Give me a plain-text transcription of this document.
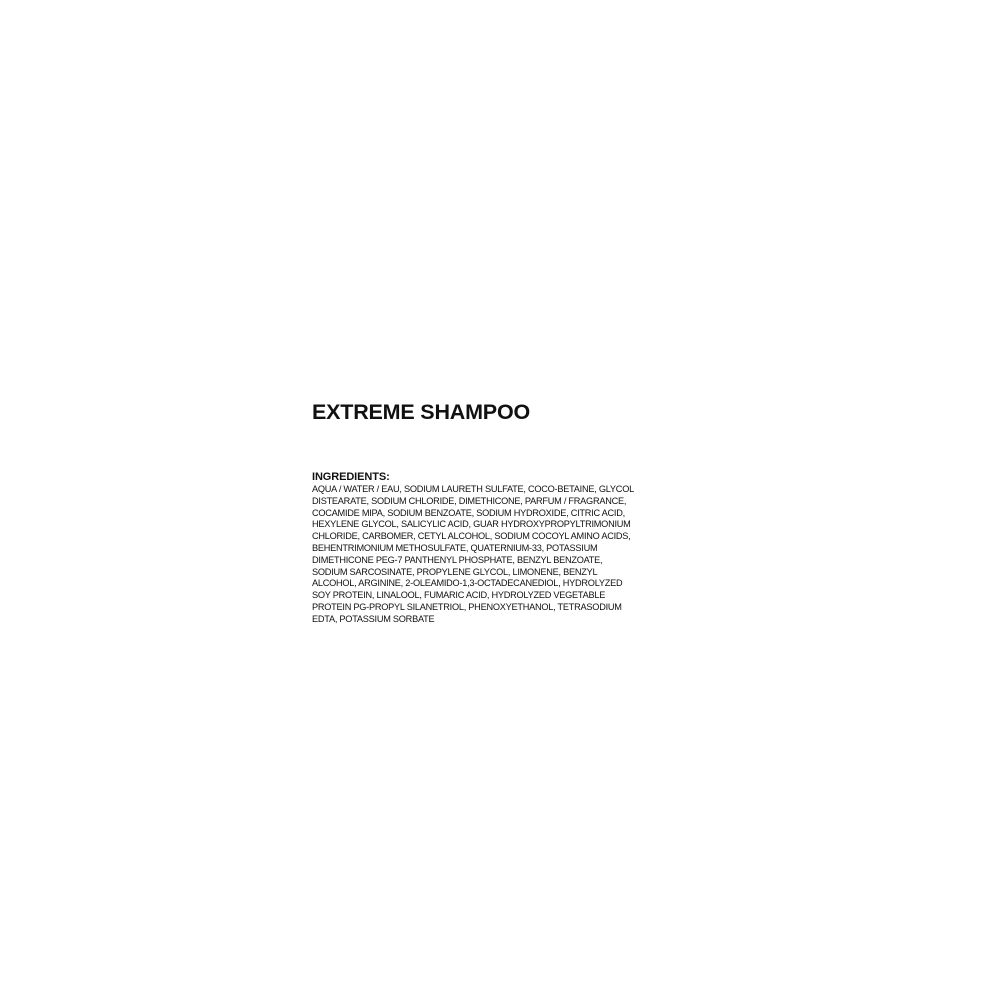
EXTREME SHAMPOO
INGREDIENTS:
AQUA / WATER / EAU, SODIUM LAURETH SULFATE, COCO-BETAINE, GLYCOL
DISTEARATE, SODIUM CHLORIDE, DIMETHICONE, PARFUM / FRAGRANCE,
COCAMIDE MIPA, SODIUM BENZOATE, SODIUM HYDROXIDE, CITRIC ACID,
HEXYLENE GLYCOL, SALICYLIC ACID, GUAR HYDROXYPROPYLTRIMONIUM
CHLORIDE, CARBOMER, CETYL ALCOHOL, SODIUM COCOYL AMINO ACIDS,
BEHENTRIMONIUM METHOSULFATE, QUATERNIUM-33, POTASSIUM
DIMETHICONE PEG-7 PANTHENYL PHOSPHATE, BENZYL BENZOATE,
SODIUM SARCOSINATE, PROPYLENE GLYCOL, LIMONENE, BENZYL
ALCOHOL, ARGININE, 2-OLEAMIDO-1,3-OCTADECANEDIOL, HYDROLYZED
SOY PROTEIN, LINALOOL, FUMARIC ACID, HYDROLYZED VEGETABLE
PROTEIN PG-PROPYL SILANETRIOL, PHENOXYETHANOL, TETRASODIUM
EDTA, POTASSIUM SORBATE
